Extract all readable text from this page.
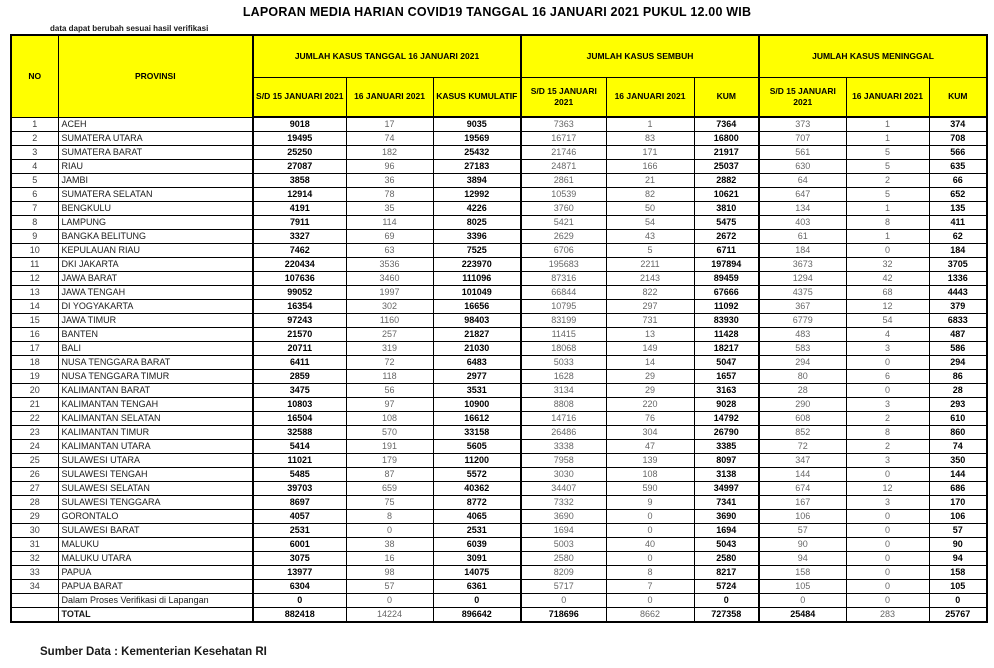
LAPORAN MEDIA HARIAN COVID19 TANGGAL 16 JANUARI 2021 PUKUL 12.00 WIB
data dapat berubah sesuai hasil verifikasi
NO	PROVINSI	JUMLAH KASUS TANGGAL 16 JANUARI 2021			JUMLAH KASUS SEMBUH			JUMLAH KASUS MENINGGAL		
		S/D 15 JANUARI 2021	16 JANUARI 2021	KASUS KUMULATIF	S/D 15 JANUARI 2021	16 JANUARI 2021	KUM	S/D 15 JANUARI 2021	16 JANUARI 2021	KUM
1	ACEH	9018	17	9035	7363	1	7364	373	1	374
2	SUMATERA UTARA	19495	74	19569	16717	83	16800	707	1	708
3	SUMATERA BARAT	25250	182	25432	21746	171	21917	561	5	566
4	RIAU	27087	96	27183	24871	166	25037	630	5	635
5	JAMBI	3858	36	3894	2861	21	2882	64	2	66
6	SUMATERA SELATAN	12914	78	12992	10539	82	10621	647	5	652
7	BENGKULU	4191	35	4226	3760	50	3810	134	1	135
8	LAMPUNG	7911	114	8025	5421	54	5475	403	8	411
9	BANGKA BELITUNG	3327	69	3396	2629	43	2672	61	1	62
10	KEPULAUAN RIAU	7462	63	7525	6706	5	6711	184	0	184
11	DKI JAKARTA	220434	3536	223970	195683	2211	197894	3673	32	3705
12	JAWA BARAT	107636	3460	111096	87316	2143	89459	1294	42	1336
13	JAWA TENGAH	99052	1997	101049	66844	822	67666	4375	68	4443
14	DI YOGYAKARTA	16354	302	16656	10795	297	11092	367	12	379
15	JAWA TIMUR	97243	1160	98403	83199	731	83930	6779	54	6833
16	BANTEN	21570	257	21827	11415	13	11428	483	4	487
17	BALI	20711	319	21030	18068	149	18217	583	3	586
18	NUSA TENGGARA BARAT	6411	72	6483	5033	14	5047	294	0	294
19	NUSA TENGGARA TIMUR	2859	118	2977	1628	29	1657	80	6	86
20	KALIMANTAN BARAT	3475	56	3531	3134	29	3163	28	0	28
21	KALIMANTAN TENGAH	10803	97	10900	8808	220	9028	290	3	293
22	KALIMANTAN SELATAN	16504	108	16612	14716	76	14792	608	2	610
23	KALIMANTAN TIMUR	32588	570	33158	26486	304	26790	852	8	860
24	KALIMANTAN UTARA	5414	191	5605	3338	47	3385	72	2	74
25	SULAWESI UTARA	11021	179	11200	7958	139	8097	347	3	350
26	SULAWESI TENGAH	5485	87	5572	3030	108	3138	144	0	144
27	SULAWESI SELATAN	39703	659	40362	34407	590	34997	674	12	686
28	SULAWESI TENGGARA	8697	75	8772	7332	9	7341	167	3	170
29	GORONTALO	4057	8	4065	3690	0	3690	106	0	106
30	SULAWESI BARAT	2531	0	2531	1694	0	1694	57	0	57
31	MALUKU	6001	38	6039	5003	40	5043	90	0	90
32	MALUKU UTARA	3075	16	3091	2580	0	2580	94	0	94
33	PAPUA	13977	98	14075	8209	8	8217	158	0	158
34	PAPUA BARAT	6304	57	6361	5717	7	5724	105	0	105
	Dalam Proses Verifikasi di Lapangan	0	0	0	0	0	0	0	0	0
	TOTAL	882418	14224	896642	718696	8662	727358	25484	283	25767
Sumber Data : Kementerian Kesehatan RI
